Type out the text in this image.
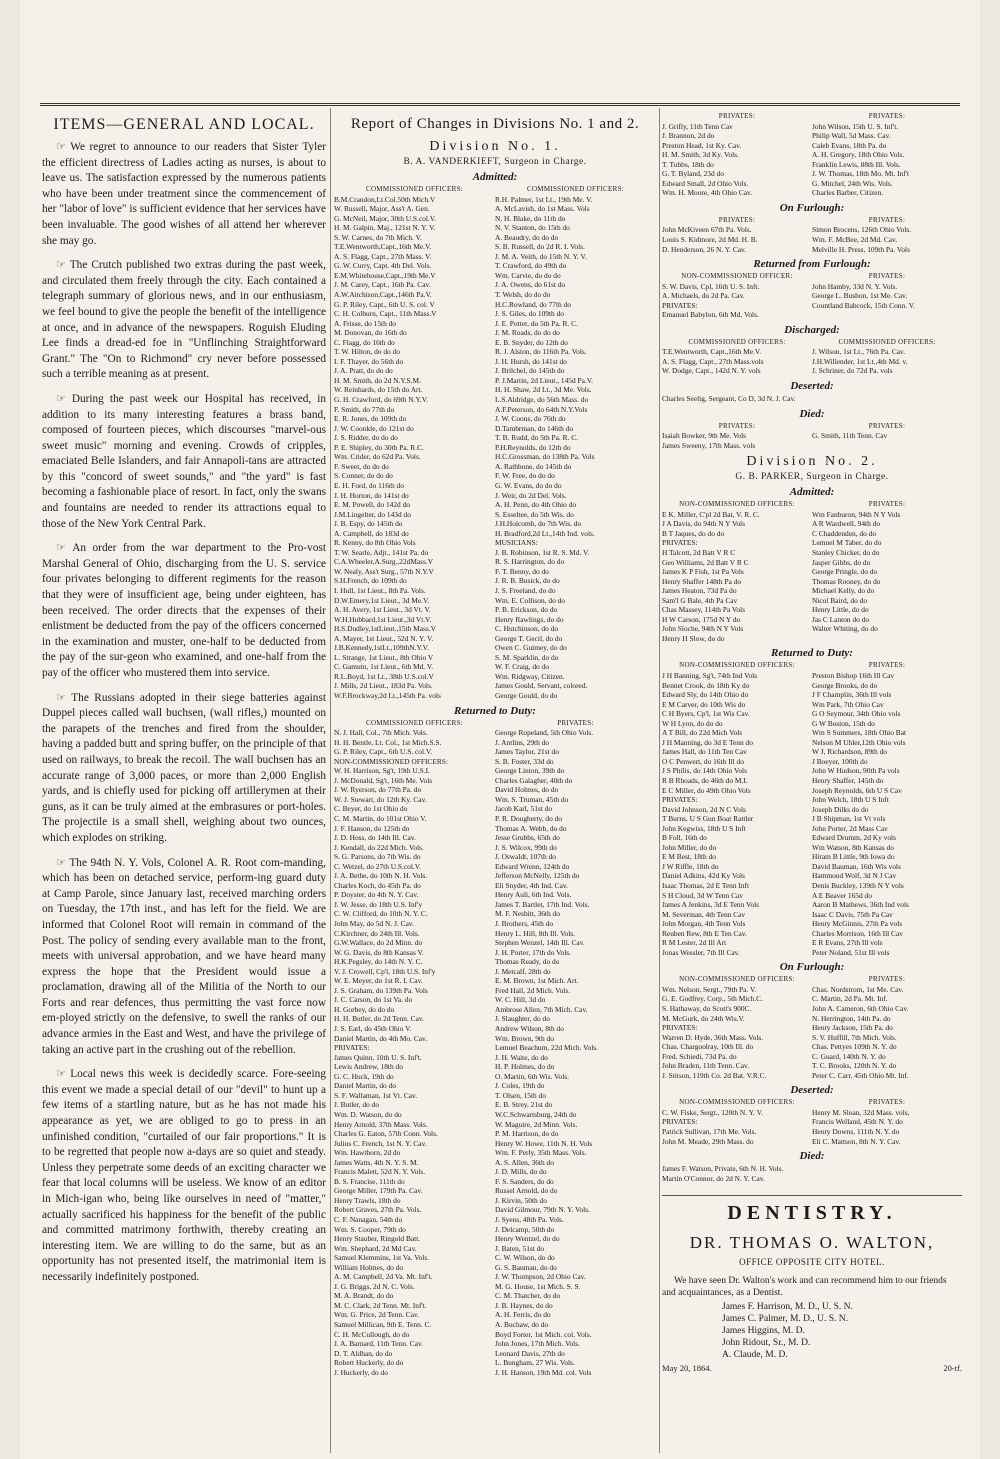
ITEMS—GENERAL AND LOCAL.

☞ We regret to announce to our readers that Sister Tyler the efficient directress of Ladies acting as nurses, is about to leave us. The satisfaction expressed by the numerous patients who have been under treatment since the commencement of her "labor of love" is sufficient evidence that her services have been invaluable. The good wishes of all attend her wherever she may go.

☞ The Crutch published two extras during the past week, and circulated them freely through the city. Each contained a telegraph summary of glorious news, and in our enthusiasm, we feel bound to give the people the benefit of the intelligence at once, and in advance of the newspapers. Roguish Eluding Lee finds a dread-ed foe in "Unflinching Straightforward Grant." The "On to Richmond" cry never before possessed such a terrible meaning as at present.

☞ During the past week our Hospital has received, in addition to its many interesting features a brass band, composed of fourteen pieces, which discourses "marvel-ous sweet music" morning and evening. Crowds of cripples, emaciated Belle Islanders, and fair Annapoli-tans are attracted by this "concord of sweet sounds," and "the yard" is fast becoming a fashionable place of resort. In fact, only the swans and fountains are needed to render its attractions equal to those of the New York Central Park.

☞ An order from the war department to the Pro-vost Marshal General of Ohio, discharging from the U. S. service four privates belonging to different regiments for the reason that they were of insufficient age, being under eighteen, has been received. The order directs that the expenses of their enlistment be deducted from the pay of the officers concerned in the examination and muster, one-half to be deducted from the pay of the sur-geon who examined, and one-half from the pay of the officer who mustered them into service.

☞ The Russians adopted in their siege batteries against Duppel pieces called wall buchsen, (wall rifles,) mounted on the parapets of the trenches and fired from the shoulder, having a padded butt and spring buffer, on the principle of that used on railways, to break the recoil. The wall buchsen has an accurate range of 3,000 paces, or more than 2,000 English yards, and is chiefly used for picking off artillerymen at their guns, as it can be truly aimed at the embrasures or port-holes. The projectile is a small shell, weighing about two ounces, which explodes on striking.

☞ The 94th N. Y. Vols, Colonel A. R. Root com-manding, which has been on detached service, perform-ing guard duty at Camp Parole, since January last, received marching orders on Tuesday, the 17th inst., and has left for the field. We are informed that Colonel Root will remain in command of the Post. The policy of sending every available man to the front, meets with universal approbation, and we have heard many express the hope that the President would issue a proclamation, drawing all of the Militia of the North to our Forts and rear defences, thus permitting the vast force now em-ployed strictly on the defensive, to swell the ranks of our advance armies in the East and West, and have the privilege of taking an active part in the crushing out of the rebellion.

☞ Local news this week is decidedly scarce. Fore-seeing this event we made a special detail of our "devil" to hunt up a few items of a startling nature, but as he has not made his appearance as yet, we are obliged to go to press in an unfinished condition, "curtailed of our fair proportions." It is to be regretted that people now a-days are so quiet and steady. Unless they perpetrate some deeds of an exciting character we fear that local columns will be useless. We know of an editor in Mich-igan who, being like ourselves in need of "matter," actually sacrificed his happiness for the benefit of the public and committed matrimony forthwith, thereby creating an interesting item. We are willing to do the same, but as an opportunity has not presented itself, the matrimonial item is necessarily indefinitely postponed.

Report of Changes in Divisions No. 1 and 2.
Division No. 1.
B. A. VANDERKIEFT, Surgeon in Charge.
Admitted:
COMMISSIONED OFFICERS:	COMMISSIONED OFFICERS:
B.M.Crandon,Lt.Col.50th Mich.V	R.H. Palmer, 1st Lt., 19th Me. V.
W. Russell, Major, Ass't A. Gen.	A. McLavish, do 1st Mass. Vols
G. McNeil, Major, 30th U.S.col.V.	N. H. Blake, do 11th do
H. M. Galpin, Maj., 121st N. Y. V.	N. V. Stanton, do 15th do
S. W. Carnes, do 7th Mich. V.	A. Beaudry, do do do
T.E.Wentworth,Capt.,16th Me.V.	S. B. Russell, do 2d R. I. Vols.
A. S. Flagg, Capt., 27th Mass. V.	J. M. A. Veith, do 15th N. Y. V.
G. W. Curry, Capt. 4th Del. Vols.	T. Crawford, do 49th do
E.M.Whitehouse,Capt.,19th Me.V	Wm. Carvie, do do do
J. M. Carey, Capt., 16th Pa. Cav.	J. A. Owens, do 61st do
A.W.Aitchison,Capt.,146th Pa.V.	T. Welsh, do do do
G. P. Riley, Capt., 6th U. S. col. V	H.C.Rowland, do 77th do
C. H. Colburn, Capt., 11th Mass.V	J. S. Giles, do 109th do
A. Frisse, do 15th do	J. E. Potter, do 5th Pa. R. C.
M. Donovan, do 16th do	J. M. Roads, do do do
C. Flagg, do 16th do	E. B. Snyder, do 12th do
T. W. Hilton, do do do	R. J. Alston, do 116th Pa. Vols.
I. F. Thayer, do 56th do	J. H. Hursh, do 141st do
J. A. Pratt, do do do	J. Brilchel, do 145th do
H. M. Smith, do 2d N.Y.S.M.	P. J.Martin, 2d Lieut., 145d Pa.V.
W. Reinhards, do 15th do Art.	H. H. Shaw, 2d Lt., 3d Me. Vols.
G. H. Crawford, do 69th N.Y.V.	L.S.Aldridge, do 56th Mass. do
F. Smith, do 77th do	A.F.Peterson, do 64th N.Y.Vols
E. R. Jones, do 109th do	J. W. Coons, do 76th do
J. W. Coonkle, do 121st do	D.Tambrman, do 146th do
J. S. Ridder, do do do	T. B. Rudd, do 5th Pa. R. C.
P. E. Shipley, do 30th Pa. R.C.	P.H.Reynolds, do 12th do
Wm. Crider, do 62d Pa. Vols.	H.C.Grossman, do 138th Pa. Vols
F. Sweet, do do do	A. Rathbone, do 145th do
S. Conner, do do do	F. W. Free, do do do
E. H. Ford, do 116th do	G. W. Evans, do do do
J. H. Horton, do 141st do	J. Weir, do 2d Del. Vols.
E. M. Powell, do 142d do	A. H. Penn, do 4th Ohio do
J.M.Lingelter, do 143d do	S. Esseltee, do 5th Wis. do
J. B. Espy, do 145th do	J.H.Holcomb, do 7th Wis. do
A. Campbell, do 183d do	H. Bradford,2d Lt.,14th Ind. vols.
R. Kenny, do 8th Ohio Vols	MUSICIANS:
T. W. Searle, Adjt., 141st Pa. do	J. B. Robinson, 1st R. S. Md. V.
C.A.Wheeler,A.Surg.,22dMass.V	R. S. Harrington, do do
W. Nealy, Ass't Surg., 57th N.Y.V	F. T. Benny, do do
S.H.French, do 109th do	J. R. B. Busick, do do
I. Hull, 1st Lieut., 8th Pa. Vols.	J. S. Freeland, do do
D.W.Emery,1st Lieut., 3d Me.V.	Wm. E. Collison, do do
A. H. Avery, 1st Lieut., 3d Vt. V.	P. B. Erickson, do do
W.H.Hubbard,1st Lieut.,3d Vt.V.	Henry Rawlings, do do
H.S.Dudley,1stLieut.,15th Mass.V	C. Hutchinson, do do
A. Mayer, 1st Lieut., 52d N. Y. V.	George T. Gecil, do do
J.B.Kennedy,1stLt.,109thN.Y.V.	Owen C. Guimey, do do
L. Strange, 1st Lieut., 8th Ohio V	S. M. Sparklin, do do
C. Gamutn, 1st Lieut., 6th Md. V.	W. F. Craig, do do
R.L.Boyd, 1st Lt., 38th U.S.col.V	Wm. Ridgway, Citizen.
J. Mills, 2d Lieut., 183d Pa. Vols.	James Gould, Servant, colored.
W.F.Brockway,2d Lt.,145th Pa. vols	George Gould, do do
Returned to Duty:
COMMISSIONED OFFICERS:	PRIVATES:
N. J. Hall, Col., 7th Mich. Vols.	George Ropeland, 5th Ohio Vols.
H. H. Bentle, Lt. Col., 1st Mich.S.S.	J. Antlins, 29th do
G. P. Riley, Capt., 6th U.S. col.V.	James Taylor, 21st do
NON-COMMISSIONED OFFICERS:	S. B. Foster, 33d do
W. H. Harrison, Sg't, 19th U.S.I.	George Linton, 39th do
J. McDonald, Sg't, 16th Me. Vols	Charles Galagher, 40th do
J. W. Ryerson, do 77th Pa. do	David Holmes, do do
W. J. Stewart, do 12th Ky. Cav.	Wm. S. Truman, 45th do
C. Beyer, do 1st Ohio do	Jacob Karl, 51st do
C. M. Martin, do 101st Ohio V.	P. R. Dougherty, do do
J. F. Hanson, do 125th do	Thomas A. Webb, do do
J. D. Hoss, do 14th Ill. Cav.	Jesse Grubbs, 65th do
J. Kendall, do 22d Mich. Vols.	J. S. Wilcox, 99th do
S. G. Parsons, do 7th Wis. do	J. Oswaldt, 107th do
C. Wetzel, do 27th U.S.col.V.	Edward Wrenn, 124th do
J. A. Bethe, do 10th N. H. Vols.	Jefferson McNelly, 125th do
Charles Koch, do 45th Pa. do	Eli Snyder, 4th Ind. Cav.
P. Doyster, do 4th N. Y. Cav.	Henry Auli, 6th Ind. Vols.
J. W. Jesse, do 18th U.S. Inf'y	James T. Bartlet, 17th Ind. Vols.
C. W. Clifford, do 10th N. Y. C.	M. F. Nesbitt, 36th do
John May, do 5d N. J. Cav.	J. Brothers, 45th do
C.Kirchner, do 24th Ill. Vols.	Henry L. Hill, 8th Ill. Vols.
G.W.Wallace, do 2d Minn. do	Stephen Wenzel, 14th Ill. Cav.
W. G. Davis, do 8th Kansas V.	J. H. Porter, 17th do Vols.
H.K.Pegsley, do 14th N. Y. C.	Thomas Ready, do do
V. J. Crowell, Cp'l, 18th U.S. Inf'y	J. Metcalf, 28th do
W. E. Meyer, do 1st R. I. Cav.	E. M. Brown, 1st Mich. Art.
J. S. Graham, do 139th Pa. Vols	Fred Hall, 2d Mich. Vols.
J. C. Carson, do 1st Va. do	W. C. Hill, 3d do
H. Gorbey, do do do	Ambrose Allen, 7th Mich. Cav.
H. H. Butler, do 2d Tenn. Cav.	J. Slaughter, do do
J. S. Earl, do 45th Ohio V.	Andrew Wilson, 8th do
Daniel Martin, do 4th Mo. Cav.	Wm. Brown, 9th do
PRIVATES:	Lemuel Beachum, 22d Mich. Vols.
James Quinn, 10th U. S. Inf't.	J. H. Waite, do do
Lewis Andrew, 18th do	H. P. Holmes, do do
G. C. Huck, 19th do	O. Martin, 6th Wis. Vols.
Daniel Martin, do do	J. Coles, 19th do
S. F. Wallaman, 1st Vt. Cav.	T. Olsen, 15th do
J. Butler, do do	E. B. Strey, 21st do
Wm. D. Watson, do do	W.C.Schwartsburg, 24th do
Henry Arnold, 37th Mass. Vols.	W. Maguire, 2d Minn. Vols.
Charles G. Eaton, 57th Conn. Vols.	P. M. Harrison, do do
Julius C. French, 1st N. Y. Cav.	Henry W. Howe, 11th N. H. Vols
Wm. Hawthorn, 2d do	Wm. F. Perly, 35th Mass. Vols.
James Watts, 4th N. Y. S. M.	A. S. Allen, 36th do
Francis Malett, 52d N. Y. Vols.	J. D. Mills, do do
B. S. Francise, 111th do	F. S. Sanders, do do
George Miller, 179th Pa. Cav.	Russel Arnold, do do
Henry Trawls, 18th do	J. Kirvin, 50th do
Robert Graves, 27th Pa. Vols.	David Gilmour, 79th N. Y. Vols.
C. F. Nanagan, 54th do	J. Syens, 48th Pa. Vols.
Wm. S. Cooper, 79th do	J. Delcamp, 50th do
Henry Stauber, Ringold Batt.	Henry Wentzel, do do
Wm. Shephard, 2d Md Cav.	J. Baten, 51st do
Samuel Klemmins, 1st Va. Vols.	C. W. Wilson, do do
William Holmes, do do	G. S. Bauman, do do
A. M. Campbell, 2d Va. Mt. Inf't.	J. W. Thompson, 2d Ohio Cav.
J. G. Briggs, 2d N. C. Vols.	M. G. House, 1st Mich. S. S.
M. A. Brandt, do do	C. M. Thatcher, do do
M. C. Clark, 2d Tenn. Mt. Inf't.	J. B. Haynes, do do
Wm. G. Price, 2d Tenn. Cav.	A. H. Ferris, do do
Samuel Millican, 9th E. Tenn. C.	A. Buchaw, do do
C. H. McCullough, do do	Boyd Forter, 1st Mich. col. Vols.
J. A. Barnard, 11th Tenn. Cav.	John Jones, 17th Mich. Vols.
D. T. Aldhan, do do	Leonard Davis, 27th do
Robert Huckerly, do do	L. Bungham, 27 Wis. Vols.
J. Huckerly, do do	J. H. Hanson, 19th Md. col. Vols
PRIVATES:	PRIVATES:
J. Grifly, 11th Tenn Cav	John Wilson, 15th U. S. Inf't.
J. Brannon, 2d do	Philip Wall, 5d Mass. Cav.
Preston Head, 1st Ky. Cav.	Caleb Evans, 18th Pa. do
H. M. Smith, 3d Ky. Vols.	A. H. Gregory, 18th Ohio Vols.
T. Tubbs, 18th do	Franklin Lewis, 88th Ill. Vols.
G. T. Byland, 23d do	J. W. Thomas, 18th Mo. Mt. Inf't
Edward Small, 2d Ohio Vols.	G. Mitchel, 24th Wis. Vols.
Wm. H. Moore, 4th Ohio Cav.	Charles Barber, Citizen.
On Furlough:
PRIVATES:	PRIVATES:
John McKiveen 67th Pa. Vols.	Simon Brocens, 126th Ohio Vols.
Louis S. Kidmore, 2d Md. H. B.	Wm. F. McBee, 2d Md. Cav.
D. Henderson, 26 N. Y. Cav.	Melville H. Press, 109th Pa. Vols
Returned from Furlough:
NON-COMMISSIONED OFFICER:	PRIVATES:
S. W. Davis, Cpl, 16th U. S. Inft.	John Hamby, 33d N. Y. Vols.
A. Michaels, do 2d Pa. Cav.	George L. Bushon, 1st Me. Cav.
PRIVATES:	Countland Babcock, 15th Conn. V.
Emanuel Babylon, 6th Md. Vols.
Discharged:
COMMISSIONED OFFICERS:	COMMISSIONED OFFICERS:
T.E.Wentworth, Capt.,16th Me.V.	J. Wilson, 1st Lt., 76th Pa. Cav.
A. S. Flagg, Capt., 27th Mass.vols	J.H.Willender, 1st Lt.,4th Md. v.
W. Dodge, Capt., 142d N. Y. vols	J. Schriner, do 72d Pa. vols
Deserted:
Charles Seelig, Sergeant, Co D, 3d N. J. Cav.
Died:
PRIVATES:	PRIVATES:
Isaiah Bowker, 9th Me. Vols	G. Smith, 11th Tenn. Cav
James Sweeny, 17th Mass. vols
Division No. 2.
G. B. PARKER, Surgeon in Charge.
Admitted:
NON-COMMISSIONED OFFICERS:	PRIVATES:
E K. Miller, C'pl 2d Bat, V. R. C.	Wm Fanburon, 94th N Y Vols
J A Davis, do 94th N Y Vols	A R Wardwell, 94th do
B T Jaques, do do do	C Chaddenden, do do
PRIVATES:	Lemuel M Taber, do do
H Talcott, 2d Batt V R C	Stanley Chicker, do do
Geo Williams, 2d Batt V R C	Jasper Gibbs, do do
James K P Fish, 1st Pa Vols	George Pringle, do do
Henry Shaffer 148th Pa do	Thomas Rooney, do do
James Heaton, 73d Pa do	Michael Kelly, do do
Sam'l G Bale, 4th Pa Cav	Nicol Baird, do do
Chas Massey, 114th Pa Vols	Henry Little, do do
H W Carson, 175d N Y do	Jas C Lanton do do
John Sloche, 94th N Y Vols	Walter Whiting, do do
Henry H Slow, do do
Returned to Duty:
NON-COMMISSIONED OFFICERS:	PRIVATES:
J H Banning, Sg't, 74th Ind Vols	Preston Bishop 16th Ill Cav
Bennet Crook, do 18th Ky do	George Brooks, do do
Edward Sly, do 14th Ohio do	J F Champlin, 36th Ill vols
E M Carver, do 10th Wis do	Wm Park, 7th Ohio Cav
C H Byers, Cp'l, 1st Wis Cav.	G O Seymour, 34th Ohio vols
W H Lyon, do do do	G W Boston, 15th do
A T Bill, do 22d Mich Vols	Wm S Summers, 18th Ohio Bat
J H Manning, do 3d E Tenn do	Nelson M Uhler,12th Ohio vols
James Hall, do 11th Ten Cav	W J, Richardson, 89th do
O C Penwert, do 16th Ill do	J Boeyer, 100th do
J S Philis, do 14th Ohio Vols	John W Hudson, 90th Pa vols
R B Rhoads, do 46th do M.I.	Henry Shaffer, 145th do
E C Miller, do 49th Ohio Vols	Joseph Reynolds, 6th U S Cav
PRIVATES:	John Welch, 18th U S Inft
David Johnson, 2d N C Vols	Joseph Dilks do do
T Burns, U S Gun Boat Rattler	J B Shipman, 1st Vt vols
John Kegwiss, 18th U S Inft	John Porter, 2d Mass Cav
B Foll, 16th do	Edward Drumm, 2d Ky vols
John Miller, do do	Wm Watson, 8th Kansas do
E M Best, 18th do	Hiram B Little, 9th Iowa do
J W Riffle, 18th do	David Bauman, 16th Wis vols
Daniel Adkins, 42d Ky Vols	Hammond Wolf, 3d N J Cav
Isaac Thomas, 2d E Tenn Inft	Denis Buckley, 139th N Y vols
S H Cloud, 3d W Tenn Cav	A E Beaver 165d do
James A Jenkins, 3d E Tenn Vols	Aaron B Mathews, 36th Ind vols
M. Severman, 4th Tenn Cav	Isaac C Davis, 75th Pa Cav
John Morgan, 4th Tenn Vols	Henry McGinnis, 27th Pa vols
Reuben Rew, 8th E Ten Cav.	Charles Morrison, 16th Ill Cav
R M Lester, 2d Ill Art	E R Evans, 27th Ill vols
Jonas Wessler, 7th Ill Cav.	Peter Noland, 51st Ill vols
On Furlough:
NON-COMMISSIONED OFFICERS:	PRIVATES:
Wm. Nelson, Sergt., 79th Pa. V.	Chas. Nordstrom, 1st Me. Cav.
G. E. Godfrey, Corp., 5th Mich.C.	C. Martin, 2d Pa. Mt. Inf.
S. Hathaway, do Scott's 900C.	John A. Cameron, 6th Ohio Cav.
M. McGurk, do 24th Wis.V.	N. Herrington, 14th Pa. do
PRIVATES:	Henry Jackson, 15th Pa. do
Warren D. Hyde, 36th Mass. Vols.	S. V. Huffill, 7th Mich. Vols.
Chas. Chargoolray, 10th Ill. do	Chas. Pettyes 109th N. Y. do
Fred. Schiedi, 73d Pa. do	C. Guard, 140th N. Y. do
John Braden, 11th Tenn. Cav.	T. C. Brooks, 120th N. Y. do
J. Stitson, 119th Co. 2d Bat. V.R.C.	Peter C. Carr, 45th Ohio Mt. Inf.
Deserted:
NON-COMMISSIONED OFFICERS:	PRIVATES:
C. W. Fiske, Sergt., 120th N. Y. V.	Henry M. Sloan, 32d Mass. vols,
PRIVATES:	Francis Welland, 45th N. Y. do
Patrick Sullivan, 17th Me. Vols.	Henry Downs, 111th N. Y. do
John M. Meade, 29th Mass. do	Eli C. Mattson, 8th N. Y. Cav.
Died:
James F. Watson, Private, 6th N. H. Vols.
Martin O'Connor, do 2d N. Y. Cav.
DENTISTRY.
DR. THOMAS O. WALTON,
OFFICE OPPOSITE CITY HOTEL.

We have seen Dr. Walton's work and can recommend him to our friends and acquaintances, as a Dentist.

James F. Harrison, M. D., U. S. N.
James C. Palmer, M. D., U. S. N.
James Higgins, M. D.
John Ridout, Sr., M. D.
A. Claude, M. D.
May 20, 1864.	20-tf.
